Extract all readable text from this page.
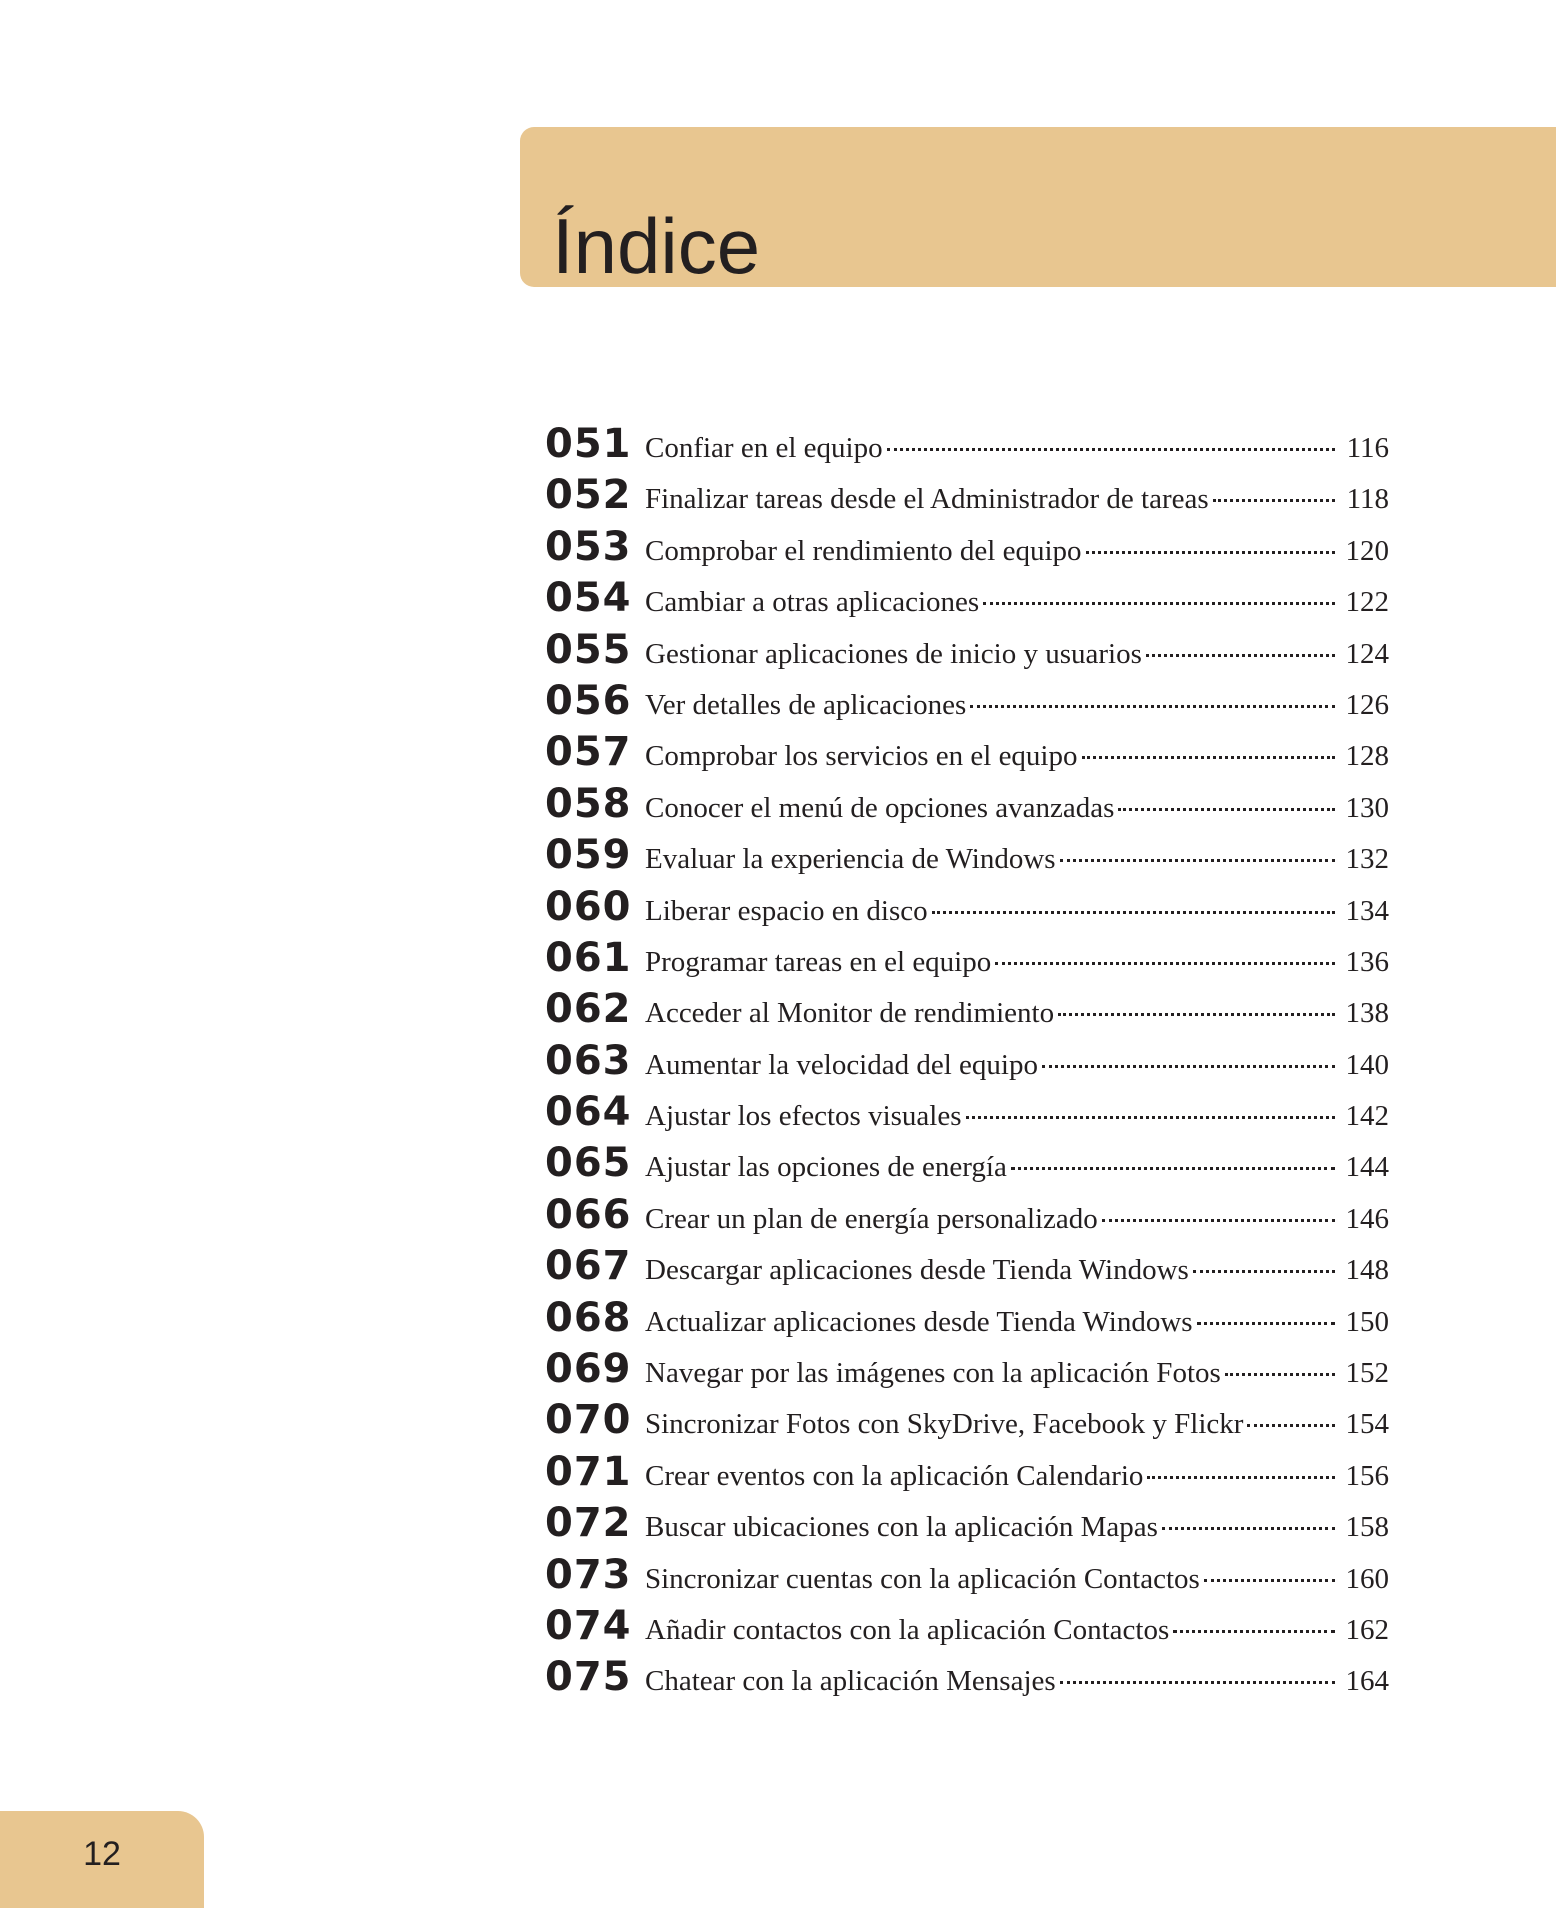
Índice
051 Confiar en el equipo	116
052 Finalizar tareas desde el Administrador de tareas	118
053 Comprobar el rendimiento del equipo	120
054 Cambiar a otras aplicaciones	122
055 Gestionar aplicaciones de inicio y usuarios	124
056 Ver detalles de aplicaciones	126
057 Comprobar los servicios en el equipo	128
058 Conocer el menú de opciones avanzadas	130
059 Evaluar la experiencia de Windows	132
060 Liberar espacio en disco	134
061 Programar tareas en el equipo	136
062 Acceder al Monitor de rendimiento	138
063 Aumentar la velocidad del equipo	140
064 Ajustar los efectos visuales	142
065 Ajustar las opciones de energía	144
066 Crear un plan de energía personalizado	146
067 Descargar aplicaciones desde Tienda Windows	148
068 Actualizar aplicaciones desde Tienda Windows	150
069 Navegar por las imágenes con la aplicación Fotos	152
070 Sincronizar Fotos con SkyDrive, Facebook y Flickr	154
071 Crear eventos con la aplicación Calendario	156
072 Buscar ubicaciones con la aplicación Mapas	158
073 Sincronizar cuentas con la aplicación Contactos	160
074 Añadir contactos con la aplicación Contactos	162
075 Chatear con la aplicación Mensajes	164
12
